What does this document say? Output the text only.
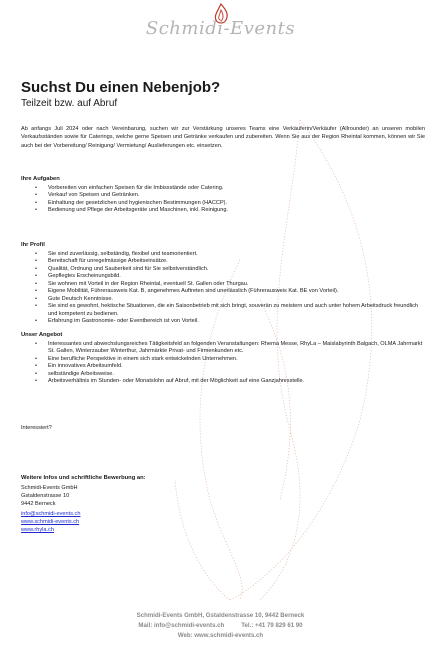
Schmidi-Events
Suchst Du einen Nebenjob?

Teilzeit bzw. auf Abruf

Ab anfangs Juli 2024 oder nach Vereinbarung, suchen wir zur Verstärkung unseres Teams eine Verkäuferin/Verkäufer (Allrounder) an unseren mobilen Verkaufsständen sowie für Caterings, welche gerne Speisen und Getränke verkaufen und zubereiten. Wenn Sie aus der Region Rheintal kommen, können wir Sie auch bei der Vorbereitung/ Reinigung/ Vermietung/ Auslieferungen etc. einsetzen.
Ihre Aufgaben
• Vorbereiten von einfachen Speisen für die Imbissstände oder Catering.
• Verkauf von Speisen und Getränken.
• Einhaltung der gesetzlichen und hygienischen Bestimmungen (HACCP).
• Bedienung und Pflege der Arbeitsgeräte und Maschinen, inkl. Reinigung.
Ihr Profil
• Sie sind zuverlässig, selbständig, flexibel und teamorientiert.
• Bereitschaft für unregelmässige Arbeitseinsätze.
• Qualität, Ordnung und Sauberkeit sind für Sie selbstverständlich.
• Gepflegtes Erscheinungsbild.
• Sie wohnen mit Vorteil in der Region Rheintal, eventuell St. Gallen oder Thurgau.
• Eigene Mobilität, Führerausweis Kat. B, angenehmes Auftreten sind unerlässlich (Führerausweis Kat. BE von Vorteil).
• Gute Deutsch Kenntnisse.
• Sie sind es gewohnt, hektische Situationen, die ein Saisonbetrieb mit sich bringt, souverän zu meistern und auch unter hohem Arbeitsdruck freundlich und kompetent zu bedienen.
• Erfahrung im Gastronomie- oder Eventbereich ist von Vorteil.
Unser Angebot
• Interessantes und abwechslungsreiches Tätigkeitsfeld an folgenden Veranstaltungen: Rhema Messe, RhyLa – Maislabyrinth Balgach, OLMA Jahrmarkt St. Gallen, Winterzauber Winterthur, Jahrmärkte Privat- und Firmenkunden etc.
• Eine berufliche Perspektive in einem sich stark entwickelnden Unternehmen.
• Ein innovatives Arbeitsumfeld.
• selbständige Arbeitsweise.
• Arbeitsverhältnis im Stunden- oder Monatslohn auf Abruf, mit der Möglichkeit auf eine Ganzjahresstelle.
Interessiert?
Weitere Infos und schriftliche Bewerbung an:
Schmidi-Events GmbH
Gstaldenstrasse 10
9442 Berneck
info@schmidi-events.ch
www.schmidi-events.ch
www.rhyla.ch
Schmidi-Events GmbH, Gstaldenstrasse 10, 9442 Berneck
Mail: info@schmidi-events.ch          Tel.: +41 79 829 61 90
Web: www.schmidi-events.ch
